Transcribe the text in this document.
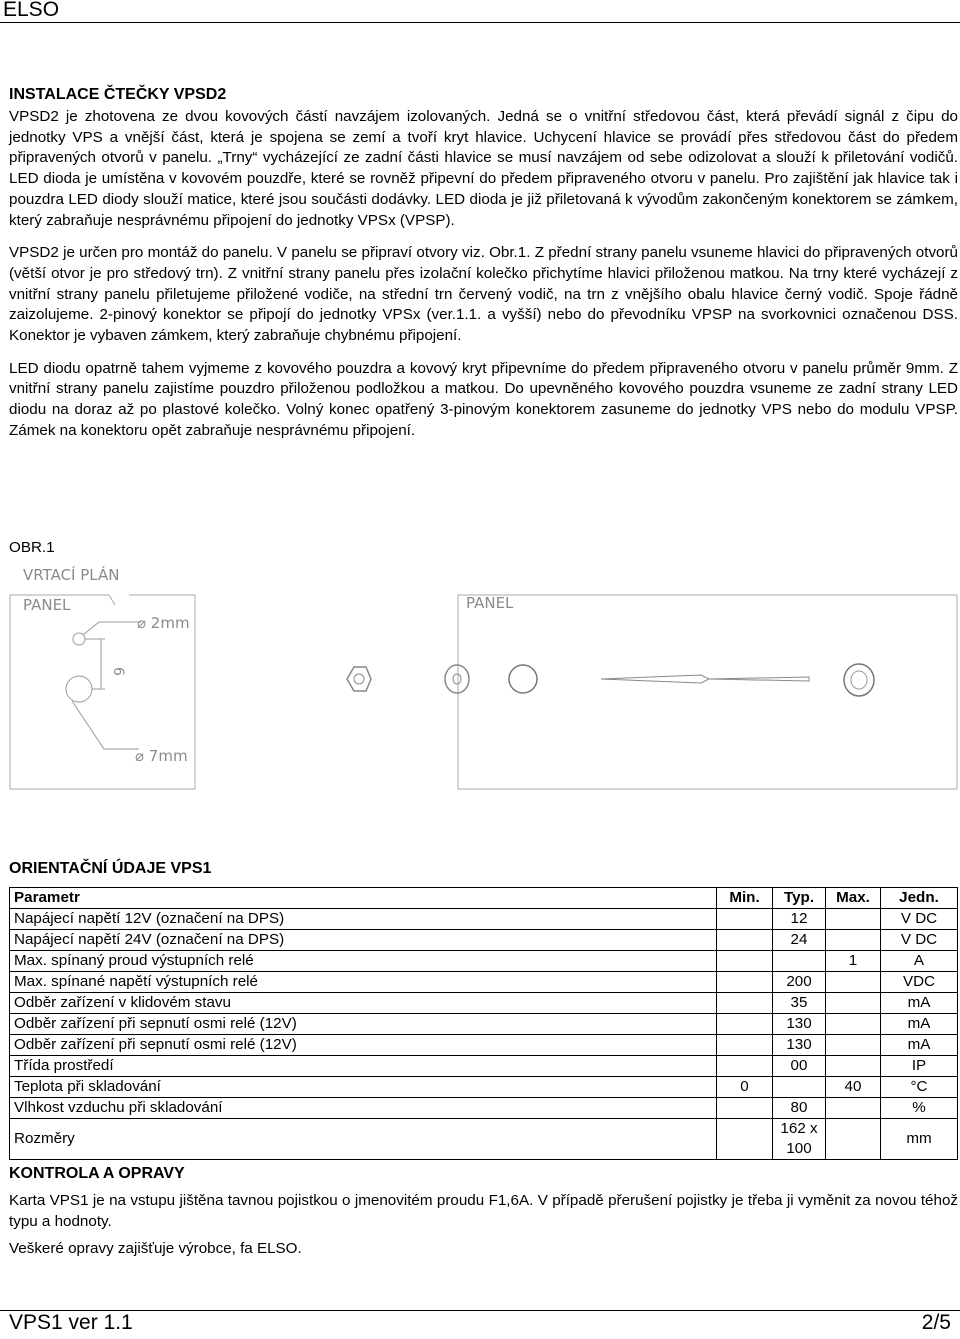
ELSO

INSTALACE ČTEČKY VPSD2

VPSD2 je zhotovena ze dvou kovových částí navzájem izolovaných. Jedná se o vnitřní středovou část, která převádí signál z čipu do jednotky VPS a vnější část, která je spojena se zemí a tvoří kryt hlavice. Uchycení hlavice se provádí přes středovou část do předem připravených otvorů v panelu. „Trny“ vycházející ze zadní části hlavice se musí navzájem od sebe odizolovat a slouží k přiletování vodičů. LED dioda je umístěna v kovovém pouzdře, které se rovněž připevní do předem připraveného otvoru v panelu. Pro zajištění jak hlavice tak i pouzdra LED diody slouží matice, které jsou součásti dodávky. LED dioda je již přiletovaná k vývodům zakončeným konektorem se zámkem, který zabraňuje nesprávnému připojení do jednotky VPSx (VPSP).

VPSD2 je určen pro montáž do panelu. V panelu se připraví otvory viz. Obr.1. Z přední strany panelu vsuneme hlavici do připravených otvorů (větší otvor je pro středový trn). Z vnitřní strany panelu přes izolační kolečko přichytíme hlavici přiloženou matkou. Na trny které vycházejí z vnitřní strany panelu přiletujeme přiložené vodiče, na střední trn červený vodič, na trn z vnějšího obalu hlavice černý vodič. Spoje řádně zaizolujeme. 2-pinový konektor se připojí do jednotky VPSx (ver.1.1. a vyšší) nebo do převodníku VPSP na svorkovnici označenou DSS. Konektor je vybaven zámkem, který zabraňuje chybnému připojení.

LED diodu opatrně tahem vyjmeme z kovového pouzdra a kovový kryt připevníme do předem připraveného otvoru v panelu průměr 9mm. Z vnitřní strany panelu zajistíme pouzdro přiloženou podložkou a matkou. Do upevněného kovového pouzdra vsuneme ze zadní strany LED diodu na doraz až po plastové kolečko. Volný konec opatřený 3-pinovým konektorem zasuneme do jednotky VPS nebo do modulu VPSP. Zámek na konektoru opět zabraňuje nesprávnému připojení.

OBR.1
VRTACÍ PLÁN
PANEL
⌀ 2mm
⌀ 7mm
6
PANEL

ORIENTAČNÍ ÚDAJE VPS1

Parametr	Min.	Typ.	Max.	Jedn.
Napájecí napětí 12V (označení na DPS)		12		V DC
Napájecí napětí 24V (označení na DPS)		24		V DC
Max. spínaný proud výstupních relé			1	A
Max. spínané napětí výstupních relé		200		VDC
Odběr zařízení v klidovém stavu		35		mA
Odběr zařízení při sepnutí osmi relé (12V)		130		mA
Odběr zařízení při sepnutí osmi relé (12V)		130		mA
Třída prostředí		00		IP
Teplota při skladování	0		40	°C
Vlhkost vzduchu při skladování		80		%
Rozměry		162 x 100		mm

KONTROLA A OPRAVY

Karta VPS1 je na vstupu jištěna tavnou pojistkou o jmenovitém proudu F1,6A. V případě přerušení pojistky je třeba ji vyměnit za novou téhož typu a hodnoty.

Veškeré opravy zajišťuje výrobce, fa ELSO.

VPS1 ver 1.1	2/5
